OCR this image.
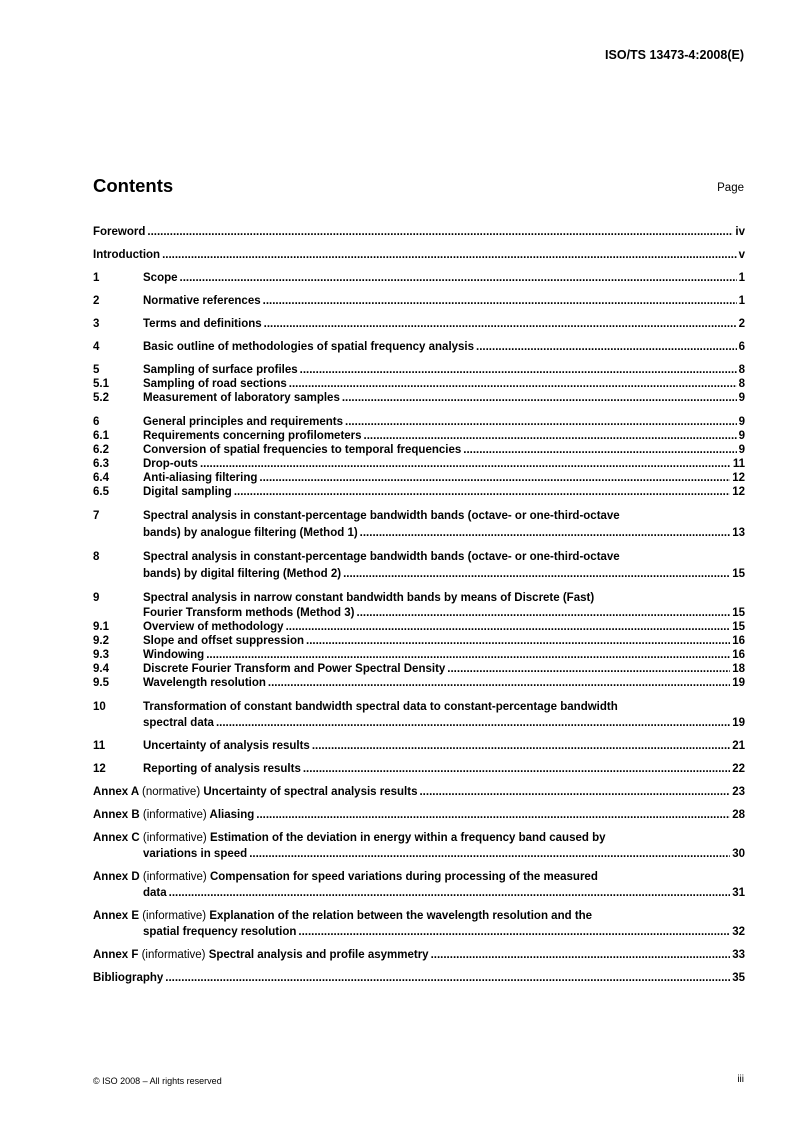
ISO/TS 13473-4:2008(E)
Contents	Page
Foreword .....	iv
Introduction .....	v
1	Scope .....	1
2	Normative references .....	1
3	Terms and definitions .....	2
4	Basic outline of methodologies of spatial frequency analysis .....	6
5	Sampling of surface profiles .....	8
5.1	Sampling of road sections .....	8
5.2	Measurement of laboratory samples .....	9
6	General principles and requirements .....	9
6.1	Requirements concerning profilometers .....	9
6.2	Conversion of spatial frequencies to temporal frequencies .....	9
6.3	Drop-outs .....	11
6.4	Anti-aliasing filtering .....	12
6.5	Digital sampling .....	12
7	Spectral analysis in constant-percentage bandwidth bands (octave- or one-third-octave
bands) by analogue filtering (Method 1) .....	13
8	Spectral analysis in constant-percentage bandwidth bands (octave- or one-third-octave
bands) by digital filtering (Method 2) .....	15
9	Spectral analysis in narrow constant bandwidth bands by means of Discrete (Fast)
Fourier Transform methods (Method 3) .....	15
9.1	Overview of methodology .....	15
9.2	Slope and offset suppression .....	16
9.3	Windowing .....	16
9.4	Discrete Fourier Transform and Power Spectral Density .....	18
9.5	Wavelength resolution .....	19
10	Transformation of constant bandwidth spectral data to constant-percentage bandwidth
spectral data .....	19
11	Uncertainty of analysis results .....	21
12	Reporting of analysis results .....	22
Annex A (normative) Uncertainty of spectral analysis results .....	23
Annex B (informative) Aliasing .....	28
Annex C (informative) Estimation of the deviation in energy within a frequency band caused by
variations in speed .....	30
Annex D (informative) Compensation for speed variations during processing of the measured
data .....	31
Annex E (informative) Explanation of the relation between the wavelength resolution and the
spatial frequency resolution .....	32
Annex F (informative) Spectral analysis and profile asymmetry .....	33
Bibliography .....	35
© ISO 2008 – All rights reserved	iii
